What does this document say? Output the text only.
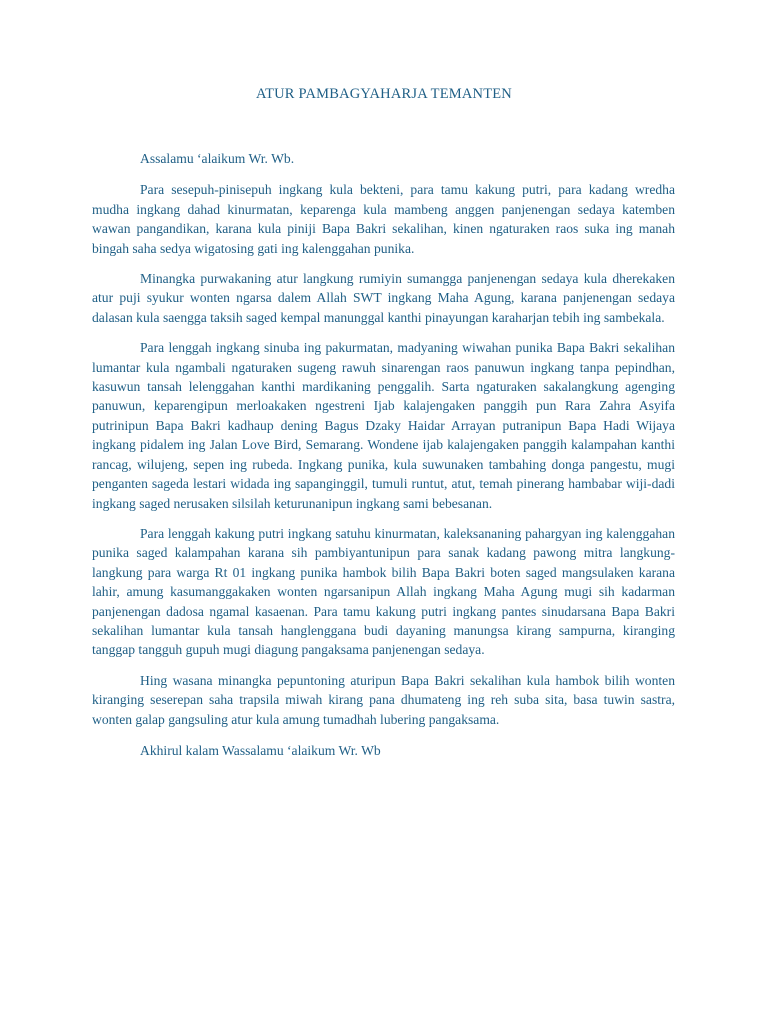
ATUR PAMBAGYAHARJA TEMANTEN

Assalamu ‘alaikum Wr. Wb.

Para sesepuh-pinisepuh ingkang kula bekteni, para tamu kakung putri, para kadang wredha mudha ingkang dahad kinurmatan, keparenga kula mambeng anggen panjenengan sedaya katemben wawan pangandikan, karana kula piniji Bapa Bakri sekalihan, kinen ngaturaken raos suka ing manah bingah saha sedya wigatosing gati ing kalenggahan punika.

Minangka purwakaning atur langkung rumiyin sumangga panjenengan sedaya kula dherekaken atur puji syukur wonten ngarsa dalem Allah SWT ingkang Maha Agung, karana panjenengan sedaya dalasan kula saengga taksih saged kempal manunggal kanthi pinayungan karaharjan tebih ing sambekala.

Para lenggah ingkang sinuba ing pakurmatan, madyaning wiwahan punika Bapa Bakri sekalihan lumantar kula ngambali ngaturaken sugeng rawuh sinarengan raos panuwun ingkang tanpa pepindhan, kasuwun tansah lelenggahan kanthi mardikaning penggalih. Sarta ngaturaken sakalangkung agenging panuwun, keparengipun merloakaken ngestreni Ijab kalajengaken panggih pun Rara Zahra Asyifa putrinipun Bapa Bakri kadhaup dening Bagus Dzaky Haidar Arrayan putranipun Bapa Hadi Wijaya ingkang pidalem ing Jalan Love Bird, Semarang. Wondene ijab kalajengaken panggih kalampahan kanthi rancag, wilujeng, sepen ing rubeda. Ingkang punika, kula suwunaken tambahing donga pangestu, mugi penganten sageda lestari widada ing sapanginggil, tumuli runtut, atut, temah pinerang hambabar wiji-dadi ingkang saged nerusaken silsilah keturunanipun ingkang sami bebesanan.

Para lenggah kakung putri ingkang satuhu kinurmatan, kaleksananing pahargyan ing kalenggahan punika saged kalampahan karana sih pambiyantunipun para sanak kadang pawong mitra langkung-langkung para warga Rt 01 ingkang punika hambok bilih Bapa Bakri boten saged mangsulaken karana lahir, amung kasumanggakaken wonten ngarsanipun Allah ingkang Maha Agung mugi sih kadarman panjenengan dadosa ngamal kasaenan. Para tamu kakung putri ingkang pantes sinudarsana Bapa Bakri sekalihan lumantar kula tansah hanglenggana budi dayaning manungsa kirang sampurna, kiranging tanggap tangguh gupuh mugi diagung pangaksama panjenengan sedaya.

Hing wasana minangka pepuntoning aturipun Bapa Bakri sekalihan kula hambok bilih wonten kiranging seserepan saha trapsila miwah kirang pana dhumateng ing reh suba sita, basa tuwin sastra, wonten galap gangsuling atur kula amung tumadhah lubering pangaksama.

Akhirul kalam Wassalamu ‘alaikum Wr. Wb
